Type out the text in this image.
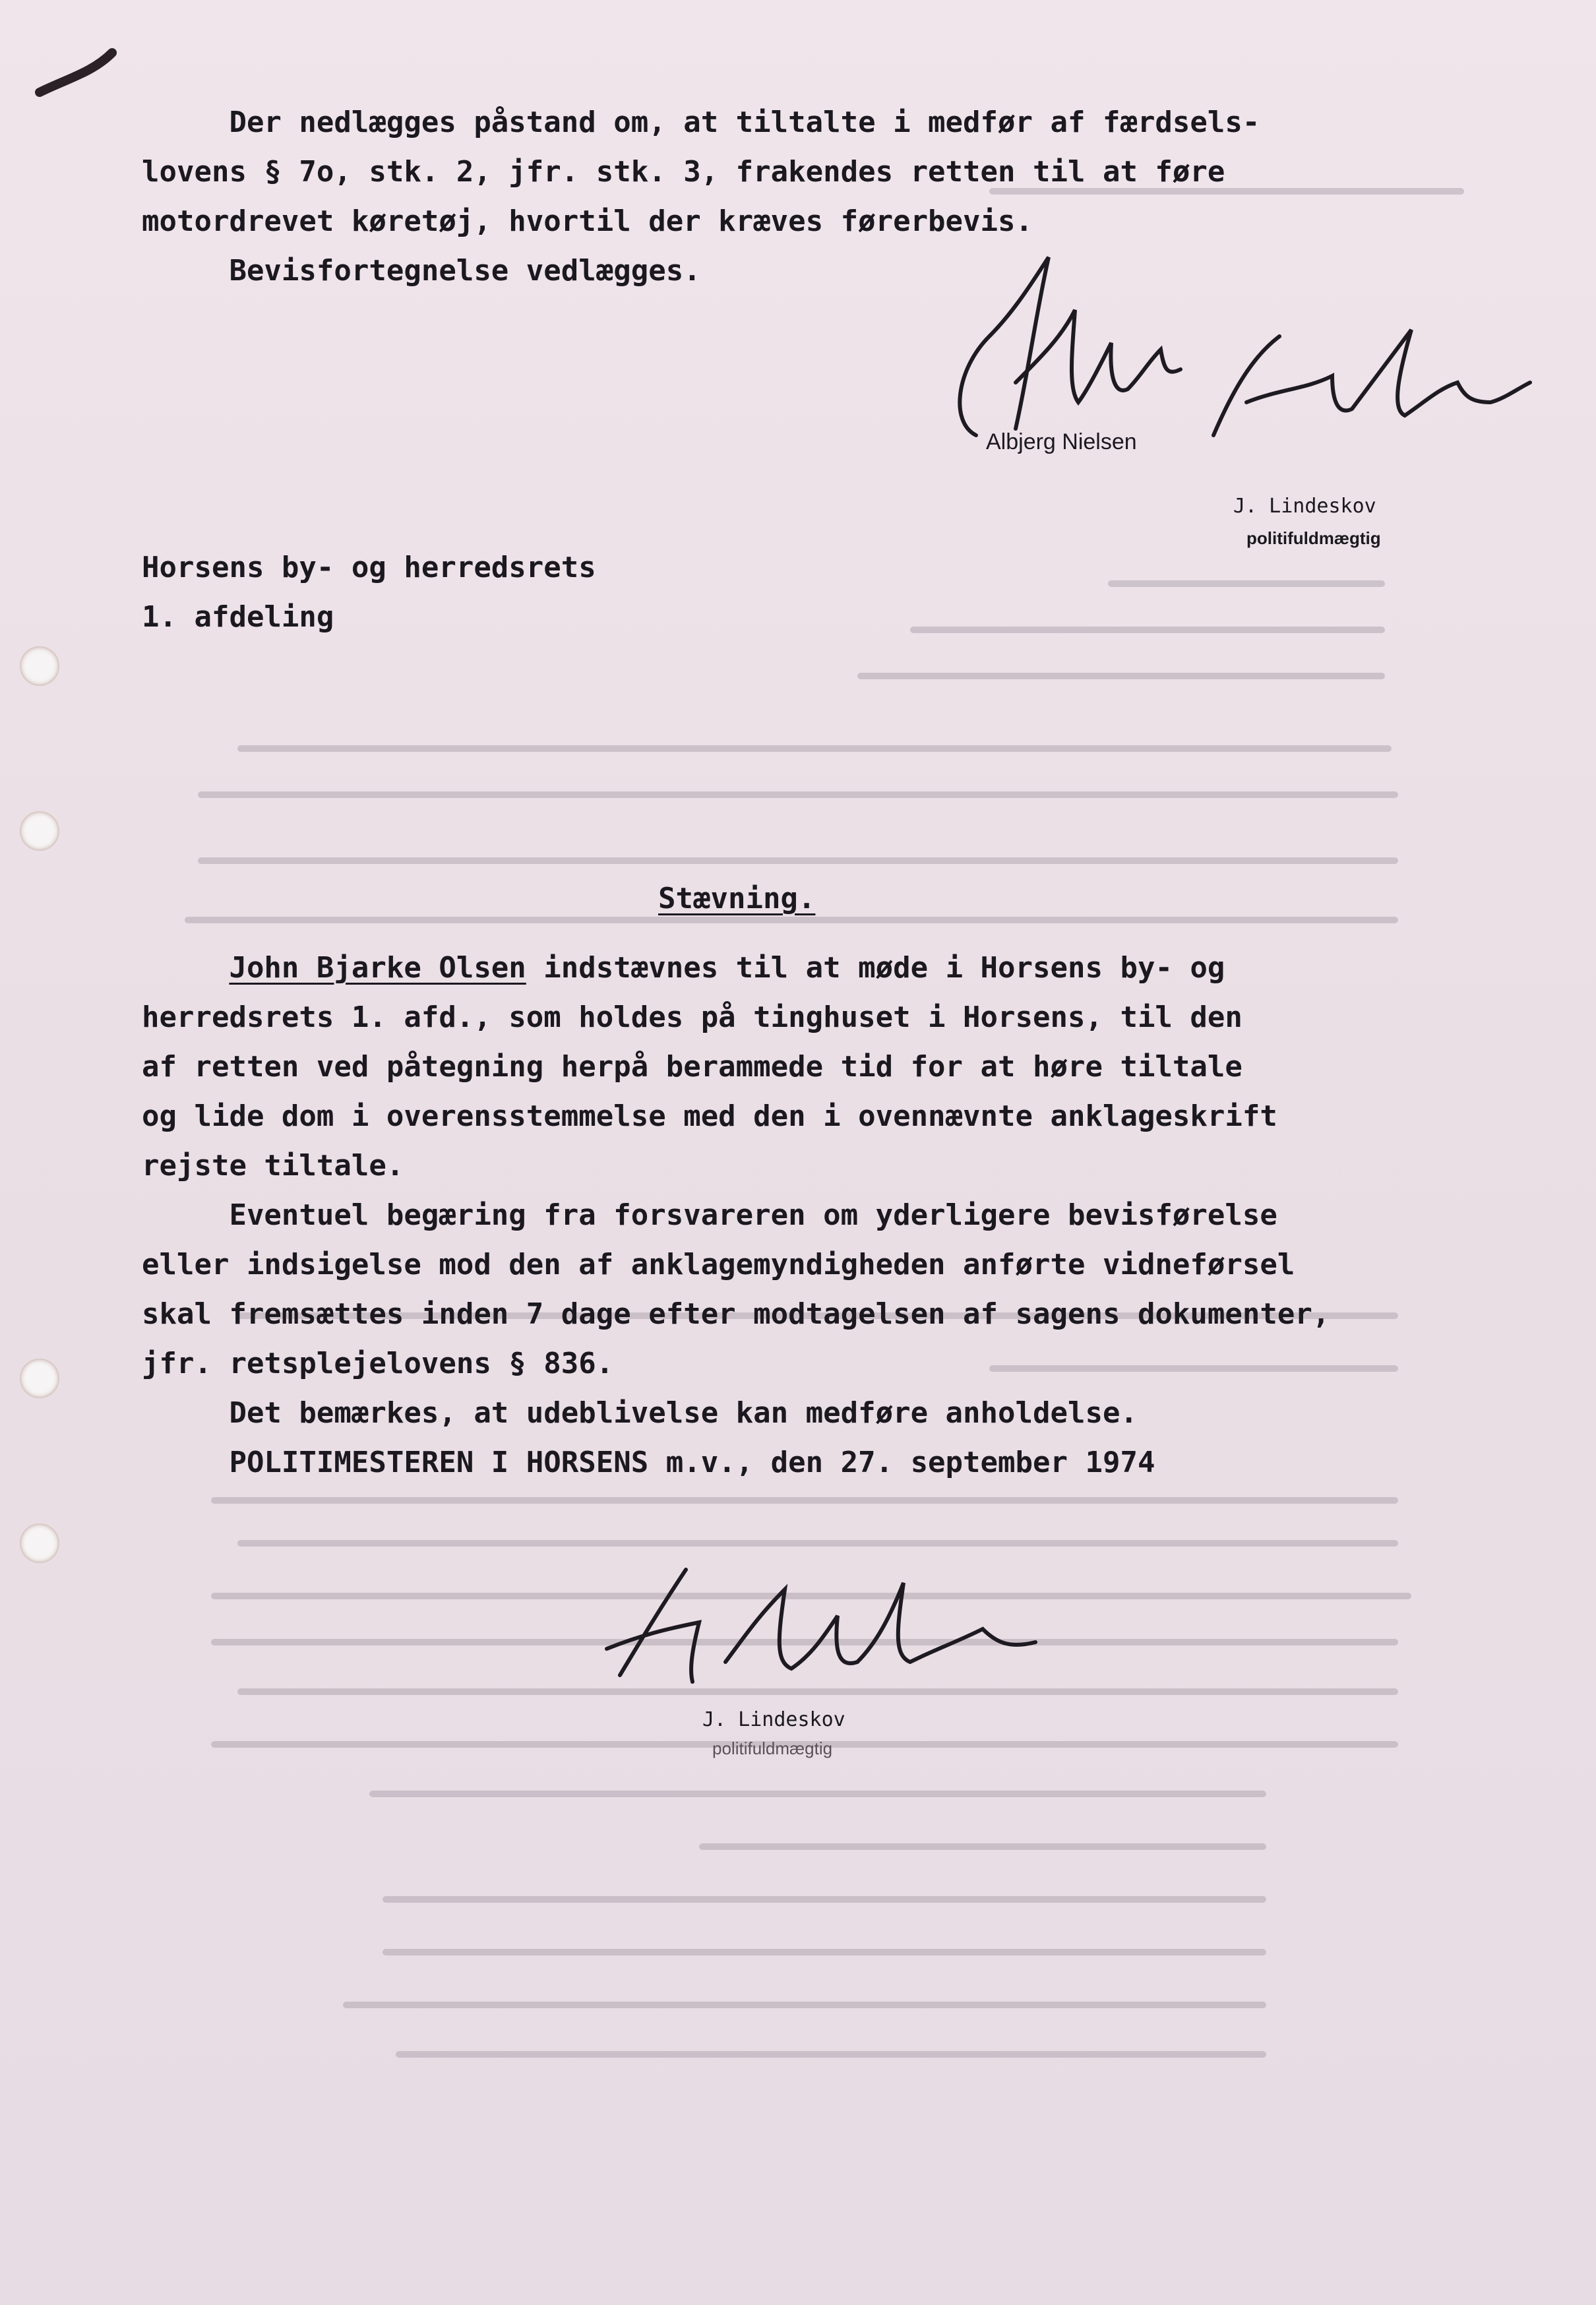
Der nedlægges påstand om, at tiltalte i medfør af færdsels-

lovens § 7o, stk. 2, jfr. stk. 3, frakendes retten til at føre

motordrevet køretøj, hvortil der kræves førerbevis.

Bevisfortegnelse vedlægges.

Albjerg Nielsen

J. Lindeskov

politifuldmægtig

Horsens by- og herredsrets

1. afdeling

Stævning.

John Bjarke Olsen indstævnes til at møde i Horsens by- og

herredsrets 1. afd., som holdes på tinghuset i Horsens, til den

af retten ved påtegning herpå berammede tid for at høre tiltale

og lide dom i overensstemmelse med den i ovennævnte anklageskrift

rejste tiltale.

Eventuel begæring fra forsvareren om yderligere bevisførelse

eller indsigelse mod den af anklagemyndigheden anførte vidneførsel

skal fremsættes inden 7 dage efter modtagelsen af sagens dokumenter,

jfr. retsplejelovens § 836.

Det bemærkes, at udeblivelse kan medføre anholdelse.

POLITIMESTEREN I HORSENS m.v., den 27. september 1974

J. Lindeskov

politifuldmægtig
